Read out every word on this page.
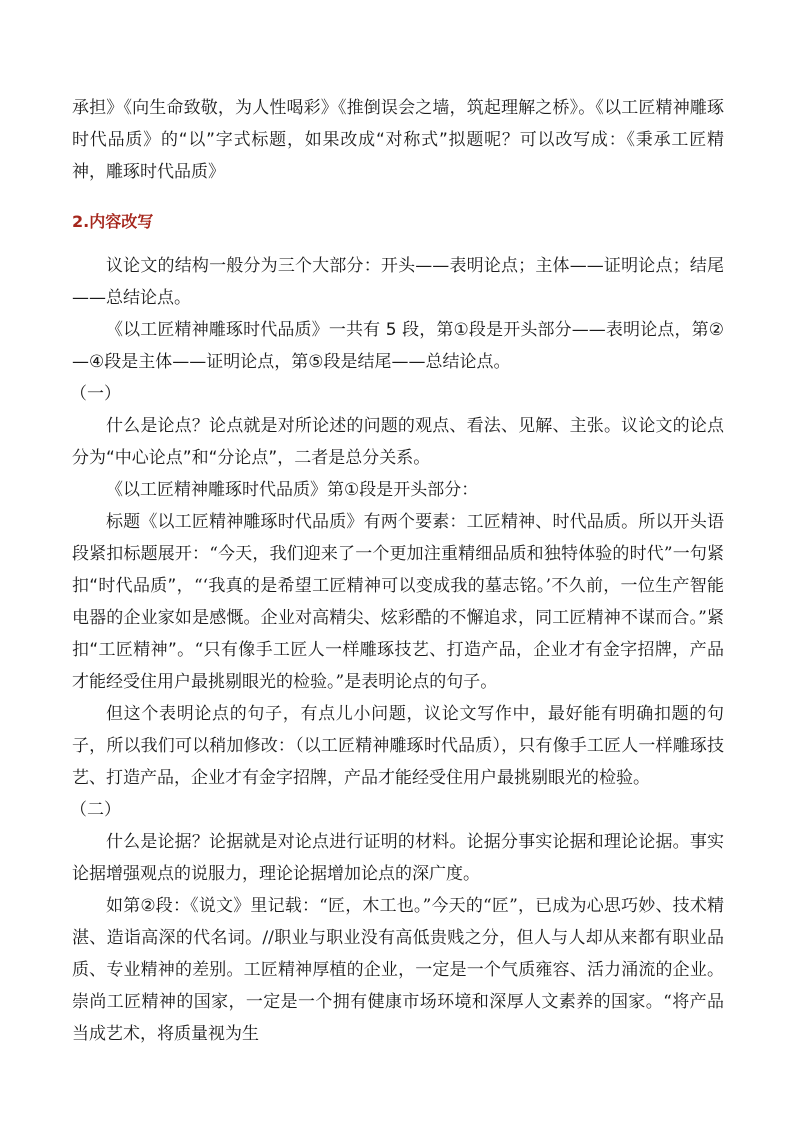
承担》《向生命致敬，为人性喝彩》《推倒误会之墙，筑起理解之桥》。《以工匠精神雕琢时代品质》的“以”字式标题，如果改成“对称式”拟题呢？可以改写成：《秉承工匠精神，雕琢时代品质》

2.内容改写

议论文的结构一般分为三个大部分：开头——表明论点；主体——证明论点；结尾——总结论点。

《以工匠精神雕琢时代品质》一共有 5 段，第①段是开头部分——表明论点，第②—④段是主体——证明论点，第⑤段是结尾——总结论点。

（一）

什么是论点？论点就是对所论述的问题的观点、看法、见解、主张。议论文的论点分为“中心论点”和“分论点”，二者是总分关系。

《以工匠精神雕琢时代品质》第①段是开头部分：

标题《以工匠精神雕琢时代品质》有两个要素：工匠精神、时代品质。所以开头语段紧扣标题展开：“今天，我们迎来了一个更加注重精细品质和独特体验的时代”一句紧扣“时代品质”，“‘我真的是希望工匠精神可以变成我的墓志铭。’不久前，一位生产智能电器的企业家如是感慨。企业对高精尖、炫彩酷的不懈追求，同工匠精神不谋而合。”紧扣“工匠精神”。“只有像手工匠人一样雕琢技艺、打造产品，企业才有金字招牌，产品才能经受住用户最挑剔眼光的检验。”是表明论点的句子。

但这个表明论点的句子，有点儿小问题，议论文写作中，最好能有明确扣题的句子，所以我们可以稍加修改：（以工匠精神雕琢时代品质），只有像手工匠人一样雕琢技艺、打造产品，企业才有金字招牌，产品才能经受住用户最挑剔眼光的检验。

（二）

什么是论据？论据就是对论点进行证明的材料。论据分事实论据和理论论据。事实论据增强观点的说服力，理论论据增加论点的深广度。

如第②段：《说文》里记载：“匠，木工也。”今天的“匠”，已成为心思巧妙、技术精湛、造诣高深的代名词。//职业与职业没有高低贵贱之分，但人与人却从来都有职业品质、专业精神的差别。工匠精神厚植的企业，一定是一个气质雍容、活力涌流的企业。崇尚工匠精神的国家，一定是一个拥有健康市场环境和深厚人文素养的国家。“将产品当成艺术，将质量视为生
